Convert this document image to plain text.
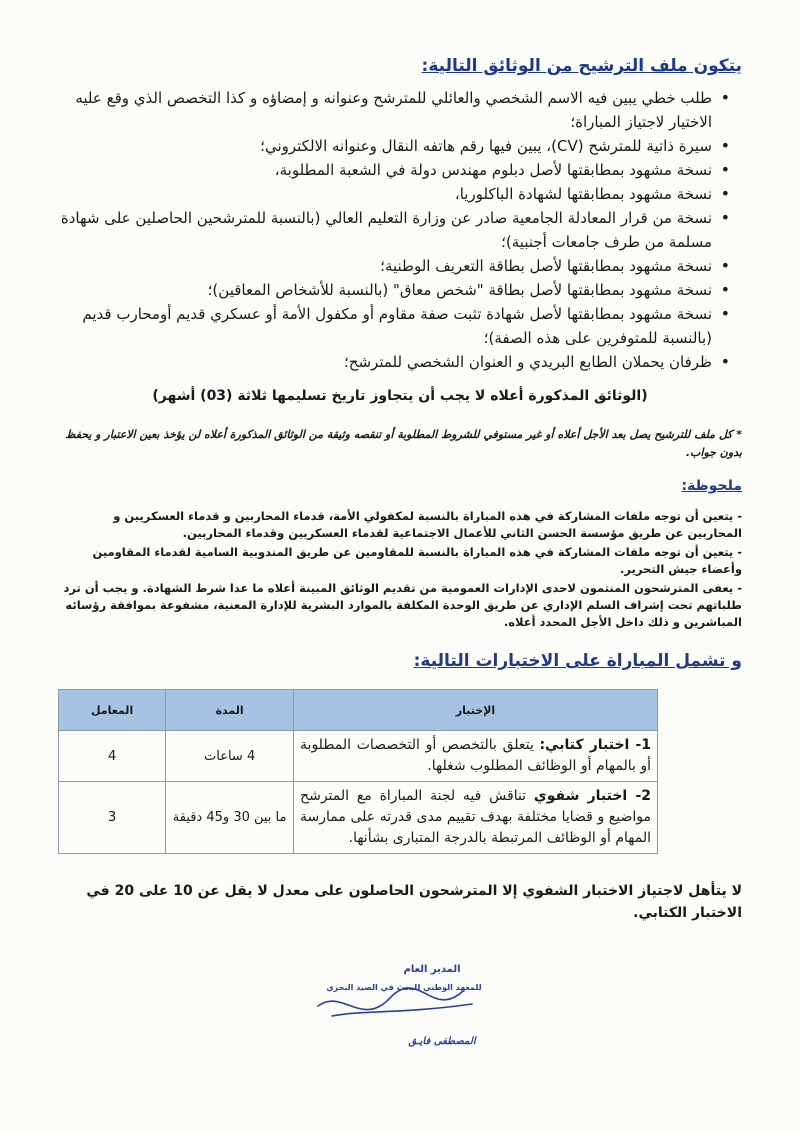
يتكون ملف الترشيح من الوثائق التالية:
• طلب خطي يبين فيه الاسم الشخصي والعائلي للمترشح وعنوانه و إمضاؤه و كذا التخصص الذي وقع عليه الاختيار لاجتياز المباراة؛
• سيرة ذاتية للمترشح (CV)، يبين فيها رقم هاتفه النقال وعنوانه الالكتروني؛
• نسخة مشهود بمطابقتها لأصل دبلوم مهندس دولة في الشعبة المطلوبة،
• نسخة مشهود بمطابقتها لشهادة الباكلوريا،
• نسخة من قرار المعادلة الجامعية صادر عن وزارة التعليم العالي (بالنسبة للمترشحين الحاصلين على شهادة مسلمة من طرف جامعات أجنبية)؛
• نسخة مشهود بمطابقتها لأصل بطاقة التعريف الوطنية؛
• نسخة مشهود بمطابقتها لأصل بطاقة "شخص معاق" (بالنسبة للأشخاص المعاقين)؛
• نسخة مشهود بمطابقتها لأصل شهادة تثبت صفة مقاوم أو مكفول الأمة أو عسكري قديم أومحارب قديم (بالنسبة للمتوفرين على هذه الصفة)؛
• ظرفان يحملان الطابع البريدي و العنوان الشخصي للمترشح؛
(الوثائق المذكورة أعلاه لا يجب أن يتجاوز تاريخ تسليمها ثلاثة (03) أشهر)
* كل ملف للترشيح يصل بعد الأجل أعلاه أو غير مستوفي للشروط المطلوبة أو تنقصه وثيقة من الوثائق المذكورة أعلاه لن يؤخذ بعين الاعتبار و يحفظ بدون جواب.
ملحوظة:

- يتعين أن توجه ملفات المشاركة في هذه المباراة بالنسبة لمكفولي الأمة، قدماء المحاربين و قدماء العسكريين و المحاربين عن طريق مؤسسة الحسن الثاني للأعمال الاجتماعية لقدماء العسكريين وقدماء المحاربين.

- يتعين أن توجه ملفات المشاركة في هذه المباراة بالنسبة للمقاومين عن طريق المندوبية السامية لقدماء المقاومين وأعضاء جيش التحرير.

- يعفى المترشحون المنتمون لاحدى الإدارات العمومية من تقديم الوثائق المبينة أعلاه ما عدا شرط الشهادة. و يجب أن ترد طلباتهم تحت إشراف السلم الإداري عن طريق الوحدة المكلفة بالموارد البشرية للإدارة المعنية، مشفوعة بموافقة رؤسائه المباشرين و ذلك داخل الأجل المحدد أعلاه.

و تشمل المباراة على الاختبارات التالية:
الإختبار	المدة	المعامل

1- اختبار كتابي: يتعلق بالتخصص أو التخصصات المطلوبة أو بالمهام أو الوظائف المطلوب شغلها.	4 ساعات	4

2- اختبار شفوي تناقش فيه لجنة المباراة مع المترشح مواضيع و قضايا مختلفة بهدف تقييم مدى قدرته على ممارسة المهام أو الوظائف المرتبطة بالدرجة المتبارى بشأنها.	ما بين 30 و45 دقيقة	3
لا يتأهل لاجتياز الاختبار الشفوي إلا المترشحون الحاصلون على معدل لا يقل عن 10 على 20 في الاختبار الكتابي.
المدير العام
للمعهد الوطني للبحث في الصيد البحري
المصطفى فايـق
